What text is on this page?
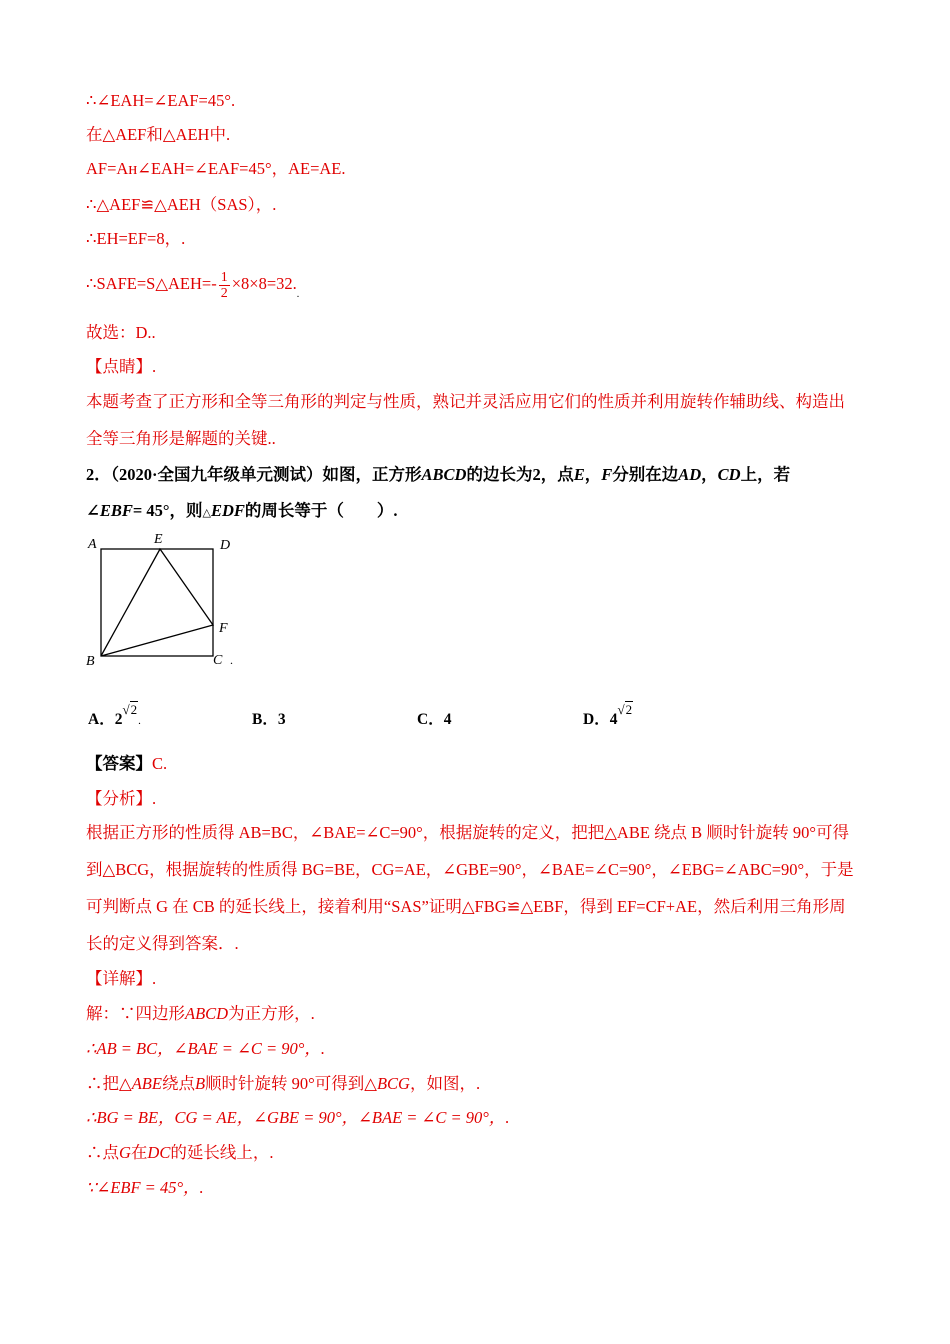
∴∠EAH=∠EAF=45°.
在△AEF和△AEH中.
AF=Aн∠EAH=∠EAF=45°，AE=AE.
∴△AEF≌△AEH（SAS），.
∴EH=EF=8，.
∴SAFE=S△AEH=- $\frac{1}{2} \times 8\times 8=32._.$
故选：D..
【点睛】.
本题考查了正方形和全等三角形的判定与性质，熟记并灵活应用它们的性质并利用旋转作辅助线、构造出
全等三角形是解题的关键..
2．（2020·全国九年级单元测试）如图，正方形ABCD的边长为2，点E，F分别在边AD，CD上，若
∠EBF= 45°，则△EDF的周长等于（　　）.
A	E	D
F
B	C .
A．$2^{√2}$.	B．3	C．4	D．$4^{√2}$
【答案】C.
【分析】.
根据正方形的性质得 AB=BC，∠BAE=∠C=90°，根据旋转的定义，把把△ABE 绕点 B 顺时针旋转 90°可得
到△BCG，根据旋转的性质得 BG=BE，CG=AE，∠GBE=90°，∠BAE=∠C=90°，∠EBG=∠ABC=90°，于是
可判断点 G 在 CB 的延长线上，接着利用“SAS”证明△FBG≌△EBF，得到 EF=CF+AE，然后利用三角形周
长的定义得到答案．.
【详解】.
解：∵四边形ABCD为正方形，.
∴AB = BC，∠BAE = ∠C = 90°，.
∴把△ABE绕点B顺时针旋转 90°可得到△BCG，如图，.
∴BG = BE，CG = AE，∠GBE = 90°，∠BAE = ∠C = 90°，.
∴点G在DC的延长线上，.
∵∠EBF = 45°，.
